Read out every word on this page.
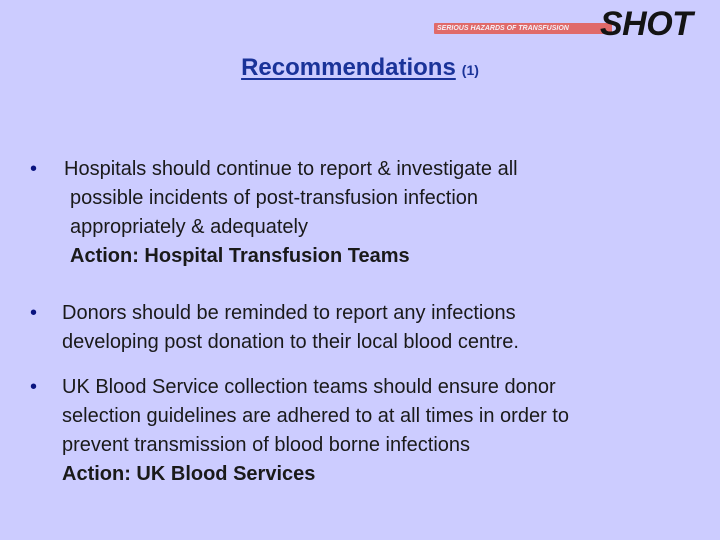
SERIOUS HAZARDS OF TRANSFUSION SHOT
Recommendations (1)
• Hospitals should continue to report & investigate all
possible incidents of post-transfusion infection
appropriately & adequately
Action: Hospital Transfusion Teams
• Donors should be reminded to report any infections
developing post donation to their local blood centre.
• UK Blood Service collection teams should ensure donor
selection guidelines are adhered to at all times in order to
prevent transmission of blood borne infections
Action: UK Blood Services
